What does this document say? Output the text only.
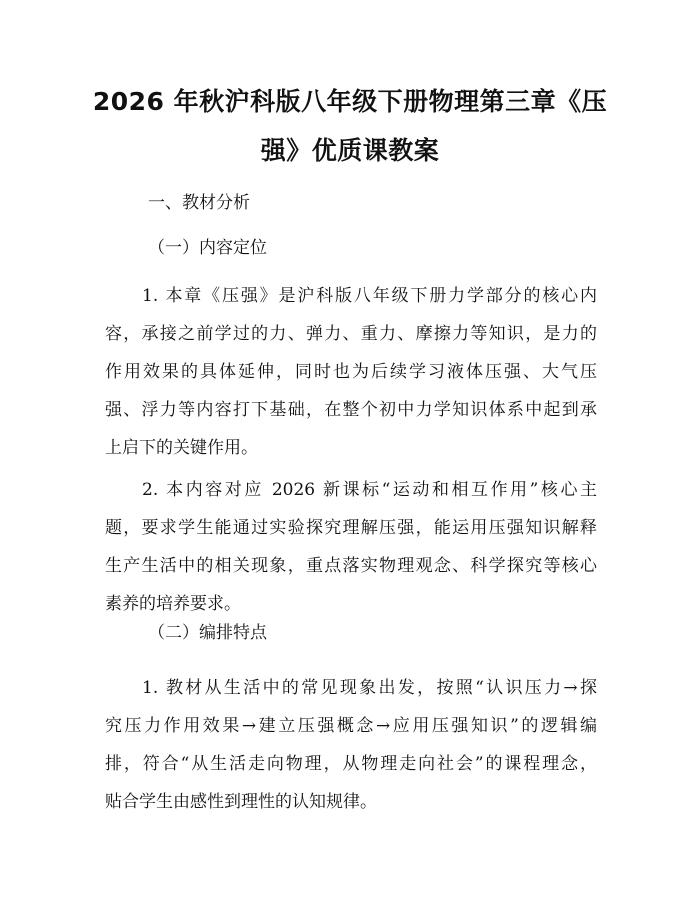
2026 年秋沪科版八年级下册物理第三章《压
强》优质课教案
一、教材分析
（一）内容定位
1. 本章《压强》是沪科版八年级下册力学部分的核心内
容，承接之前学过的力、弹力、重力、摩擦力等知识，是力的
作用效果的具体延伸，同时也为后续学习液体压强、大气压
强、浮力等内容打下基础，在整个初中力学知识体系中起到承
上启下的关键作用。
2. 本内容对应 2026 新课标“运动和相互作用”核心主
题，要求学生能通过实验探究理解压强，能运用压强知识解释
生产生活中的相关现象，重点落实物理观念、科学探究等核心
素养的培养要求。
（二）编排特点
1. 教材从生活中的常见现象出发，按照“认识压力→探
究压力作用效果→建立压强概念→应用压强知识”的逻辑编
排，符合“从生活走向物理，从物理走向社会”的课程理念，
贴合学生由感性到理性的认知规律。
